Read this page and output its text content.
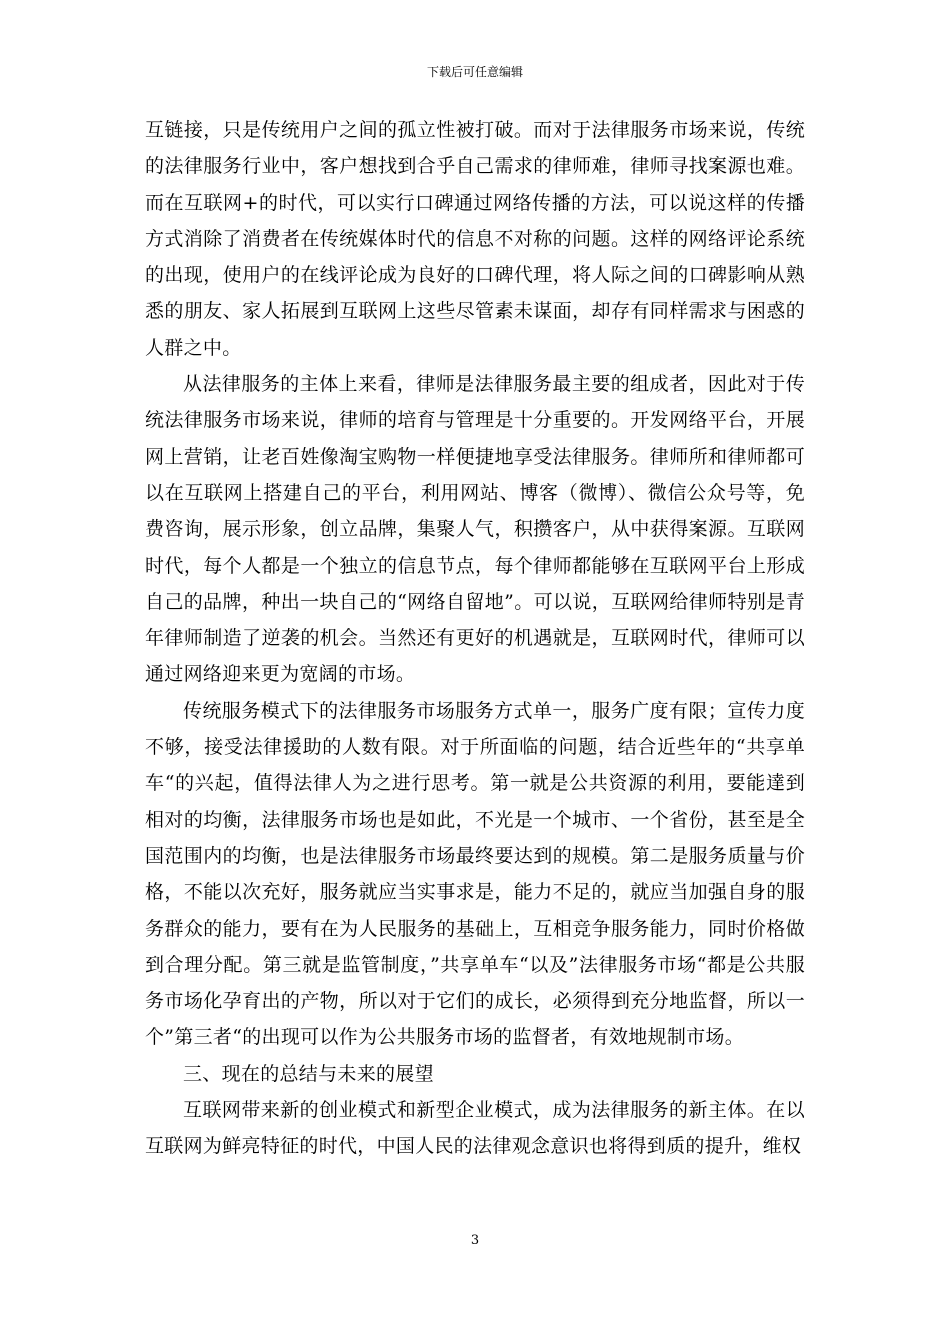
下载后可任意编辑

互链接，只是传统用户之间的孤立性被打破。而对于法律服务市场来说，传统的法律服务行业中，客户想找到合乎自己需求的律师难，律师寻找案源也难。而在互联网+的时代，可以实行口碑通过网络传播的方法，可以说这样的传播方式消除了消费者在传统媒体时代的信息不对称的问题。这样的网络评论系统的出现，使用户的在线评论成为良好的口碑代理，将人际之间的口碑影响从熟悉的朋友、家人拓展到互联网上这些尽管素未谋面，却存有同样需求与困惑的人群之中。

从法律服务的主体上来看，律师是法律服务最主要的组成者，因此对于传统法律服务市场来说，律师的培育与管理是十分重要的。开发网络平台，开展网上营销，让老百姓像淘宝购物一样便捷地享受法律服务。律师所和律师都可以在互联网上搭建自己的平台，利用网站、博客（微博）、微信公众号等，免费咨询，展示形象，创立品牌，集聚人气，积攒客户，从中获得案源。互联网时代，每个人都是一个独立的信息节点，每个律师都能够在互联网平台上形成自己的品牌，种出一块自己的“网络自留地”。可以说，互联网给律师特别是青年律师制造了逆袭的机会。当然还有更好的机遇就是，互联网时代，律师可以通过网络迎来更为宽阔的市场。

传统服务模式下的法律服务市场服务方式单一，服务广度有限；宣传力度不够，接受法律援助的人数有限。对于所面临的问题，结合近些年的“共享单车“的兴起，值得法律人为之进行思考。第一就是公共资源的利用，要能達到相对的均衡，法律服务市场也是如此，不光是一个城市、一个省份，甚至是全国范围内的均衡，也是法律服务市场最终要达到的规模。第二是服务质量与价格，不能以次充好，服务就应当实事求是，能力不足的，就应当加强自身的服务群众的能力，要有在为人民服务的基础上，互相竞争服务能力，同时价格做到合理分配。第三就是监管制度，”共享单车“以及”法律服务市场“都是公共服务市场化孕育出的产物，所以对于它们的成长，必须得到充分地监督，所以一个”第三者“的出现可以作为公共服务市场的监督者，有效地规制市场。

三、现在的总结与未来的展望

互联网带来新的创业模式和新型企业模式，成为法律服务的新主体。在以互联网为鲜亮特征的时代，中国人民的法律观念意识也将得到质的提升，维权

3
